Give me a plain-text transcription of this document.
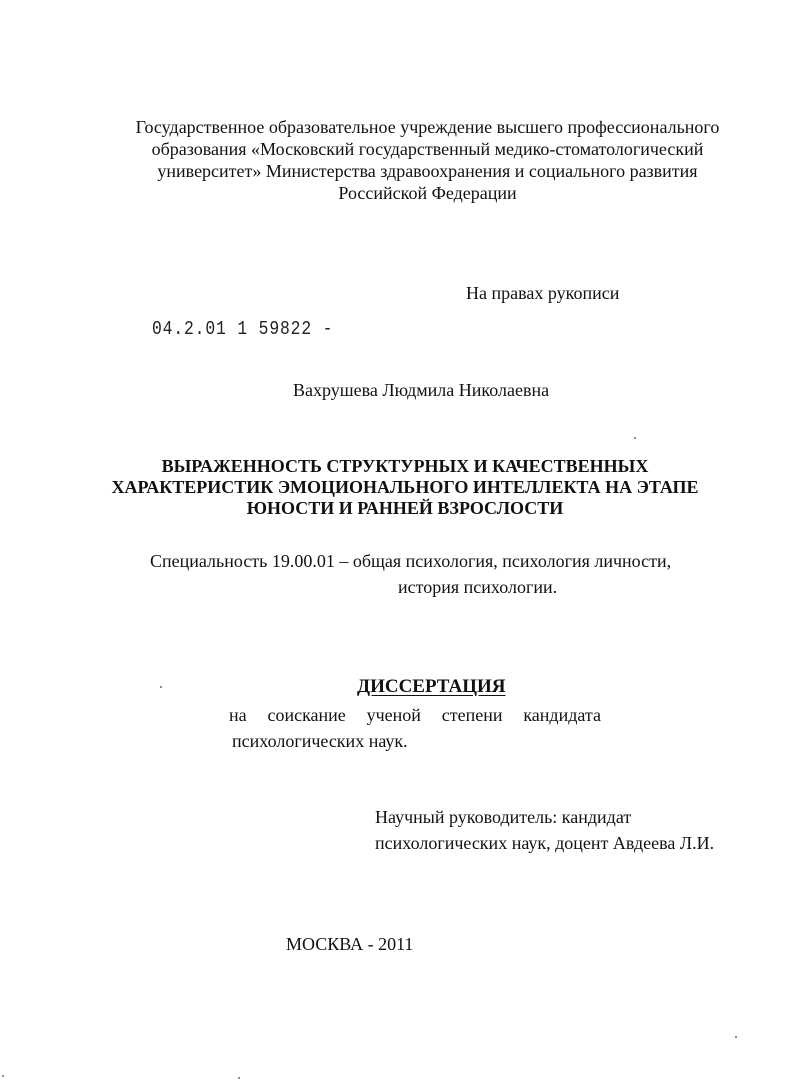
Государственное образовательное учреждение высшего профессионального
образования «Московский государственный медико-стоматологический
университет» Министерства здравоохранения и социального развития
Российской Федерации
На правах рукописи
04.2.01 1 59822 -
Вахрушева Людмила Николаевна
ВЫРАЖЕННОСТЬ СТРУКТУРНЫХ И КАЧЕСТВЕННЫХ
ХАРАКТЕРИСТИК ЭМОЦИОНАЛЬНОГО ИНТЕЛЛЕКТА НА ЭТАПЕ
ЮНОСТИ И РАННЕЙ ВЗРОСЛОСТИ
Специальность 19.00.01 – общая психология, психология личности,
история психологии.
ДИССЕРТАЦИЯ
на соискание ученой степени кандидата
психологических наук.
Научный руководитель: кандидат
психологических наук, доцент Авдеева Л.И.
МОСКВА - 2011
